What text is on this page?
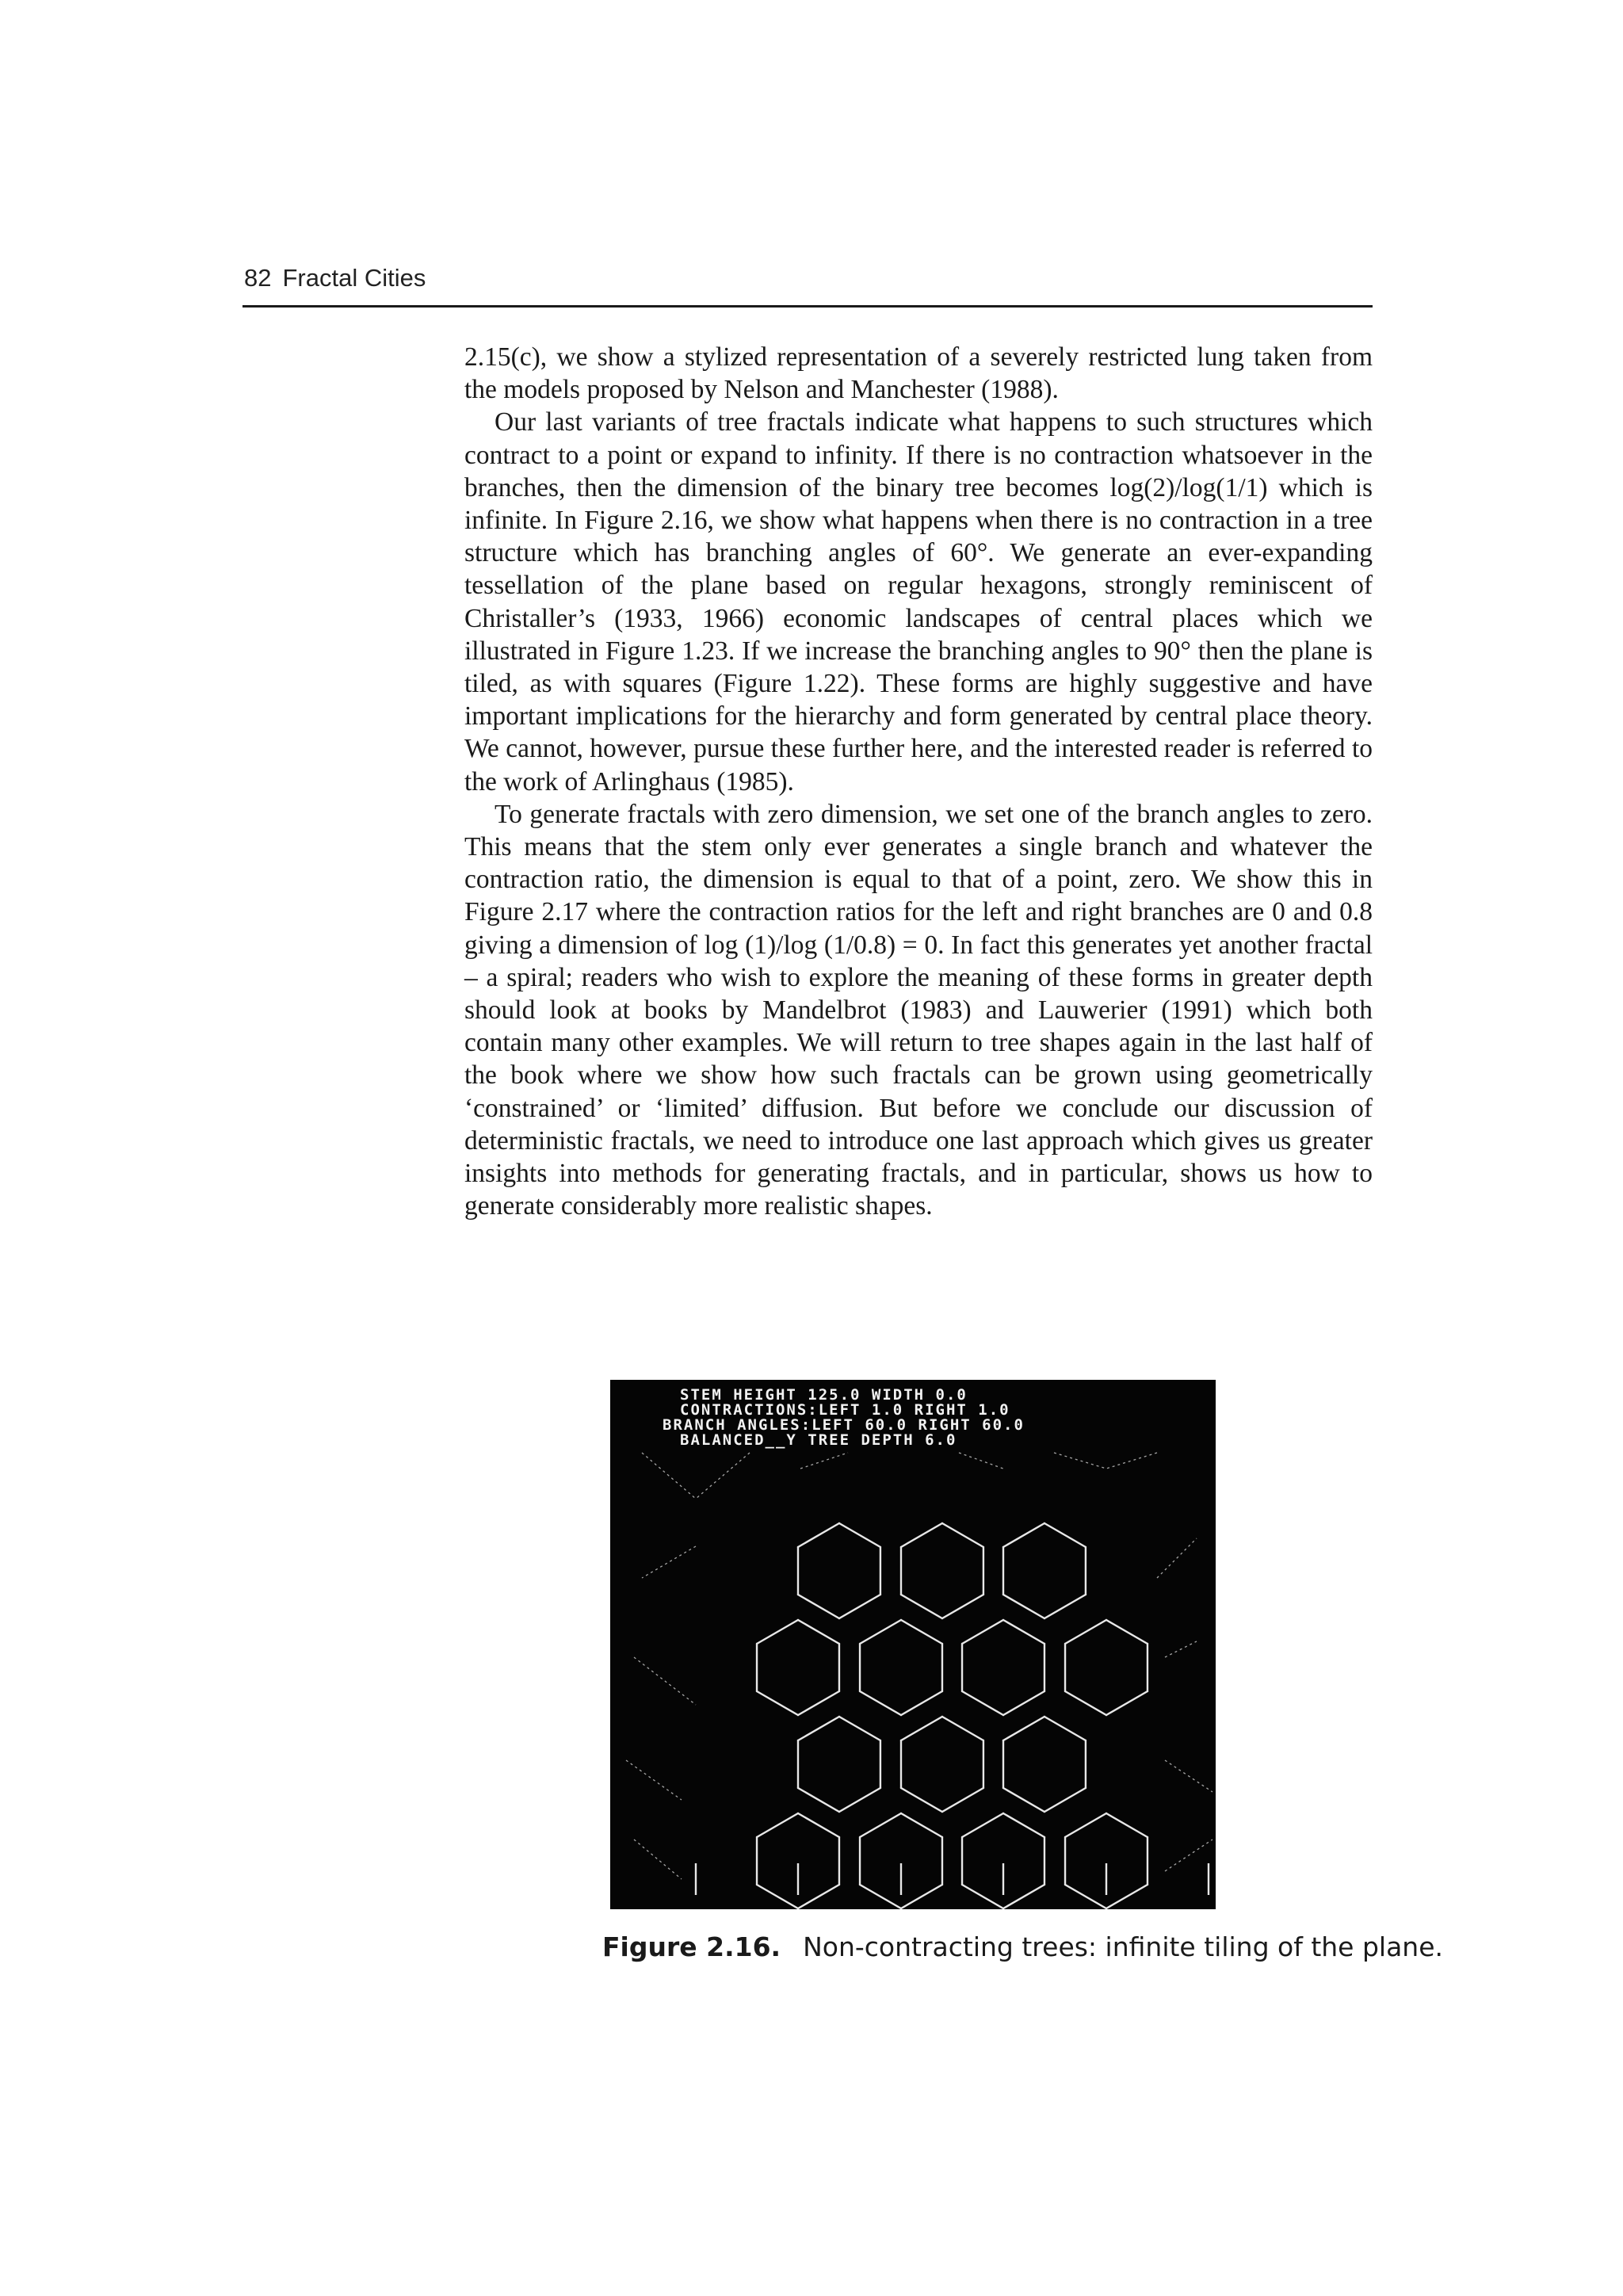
82 Fractal Cities

2.15(c), we show a stylized representation of a severely restricted lung taken from the models proposed by Nelson and Manchester (1988).

Our last variants of tree fractals indicate what happens to such structures which contract to a point or expand to infinity. If there is no contraction whatsoever in the branches, then the dimension of the binary tree becomes log(2)/log(1/1) which is infinite. In Figure 2.16, we show what happens when there is no contraction in a tree structure which has branching angles of 60°. We generate an ever-expanding tessellation of the plane based on regular hexagons, strongly reminiscent of Christaller’s (1933, 1966) economic landscapes of central places which we illustrated in Figure 1.23. If we increase the branching angles to 90° then the plane is tiled, as with squares (Figure 1.22). These forms are highly suggestive and have important implications for the hierarchy and form generated by central place theory. We cannot, however, pursue these further here, and the interested reader is referred to the work of Arlinghaus (1985).

To generate fractals with zero dimension, we set one of the branch angles to zero. This means that the stem only ever generates a single branch and whatever the contraction ratio, the dimension is equal to that of a point, zero. We show this in Figure 2.17 where the contraction ratios for the left and right branches are 0 and 0.8 giving a dimension of log (1)/log (1/0.8) = 0. In fact this generates yet another fractal – a spiral; readers who wish to explore the meaning of these forms in greater depth should look at books by Mandelbrot (1983) and Lauwerier (1991) which both contain many other examples. We will return to tree shapes again in the last half of the book where we show how such fractals can be grown using geometrically ‘constrained’ or ‘limited’ diffusion. But before we conclude our discussion of deterministic fractals, we need to introduce one last approach which gives us greater insights into methods for generating fractals, and in particular, shows us how to generate considerably more realistic shapes.

STEM HEIGHT 125.0 WIDTH 0.0
CONTRACTIONS:LEFT 1.0 RIGHT 1.0
BRANCH ANGLES:LEFT 60.0 RIGHT 60.0
BALANCED__Y TREE DEPTH 6.0
Figure 2.16. Non-contracting trees: infinite tiling of the plane.
